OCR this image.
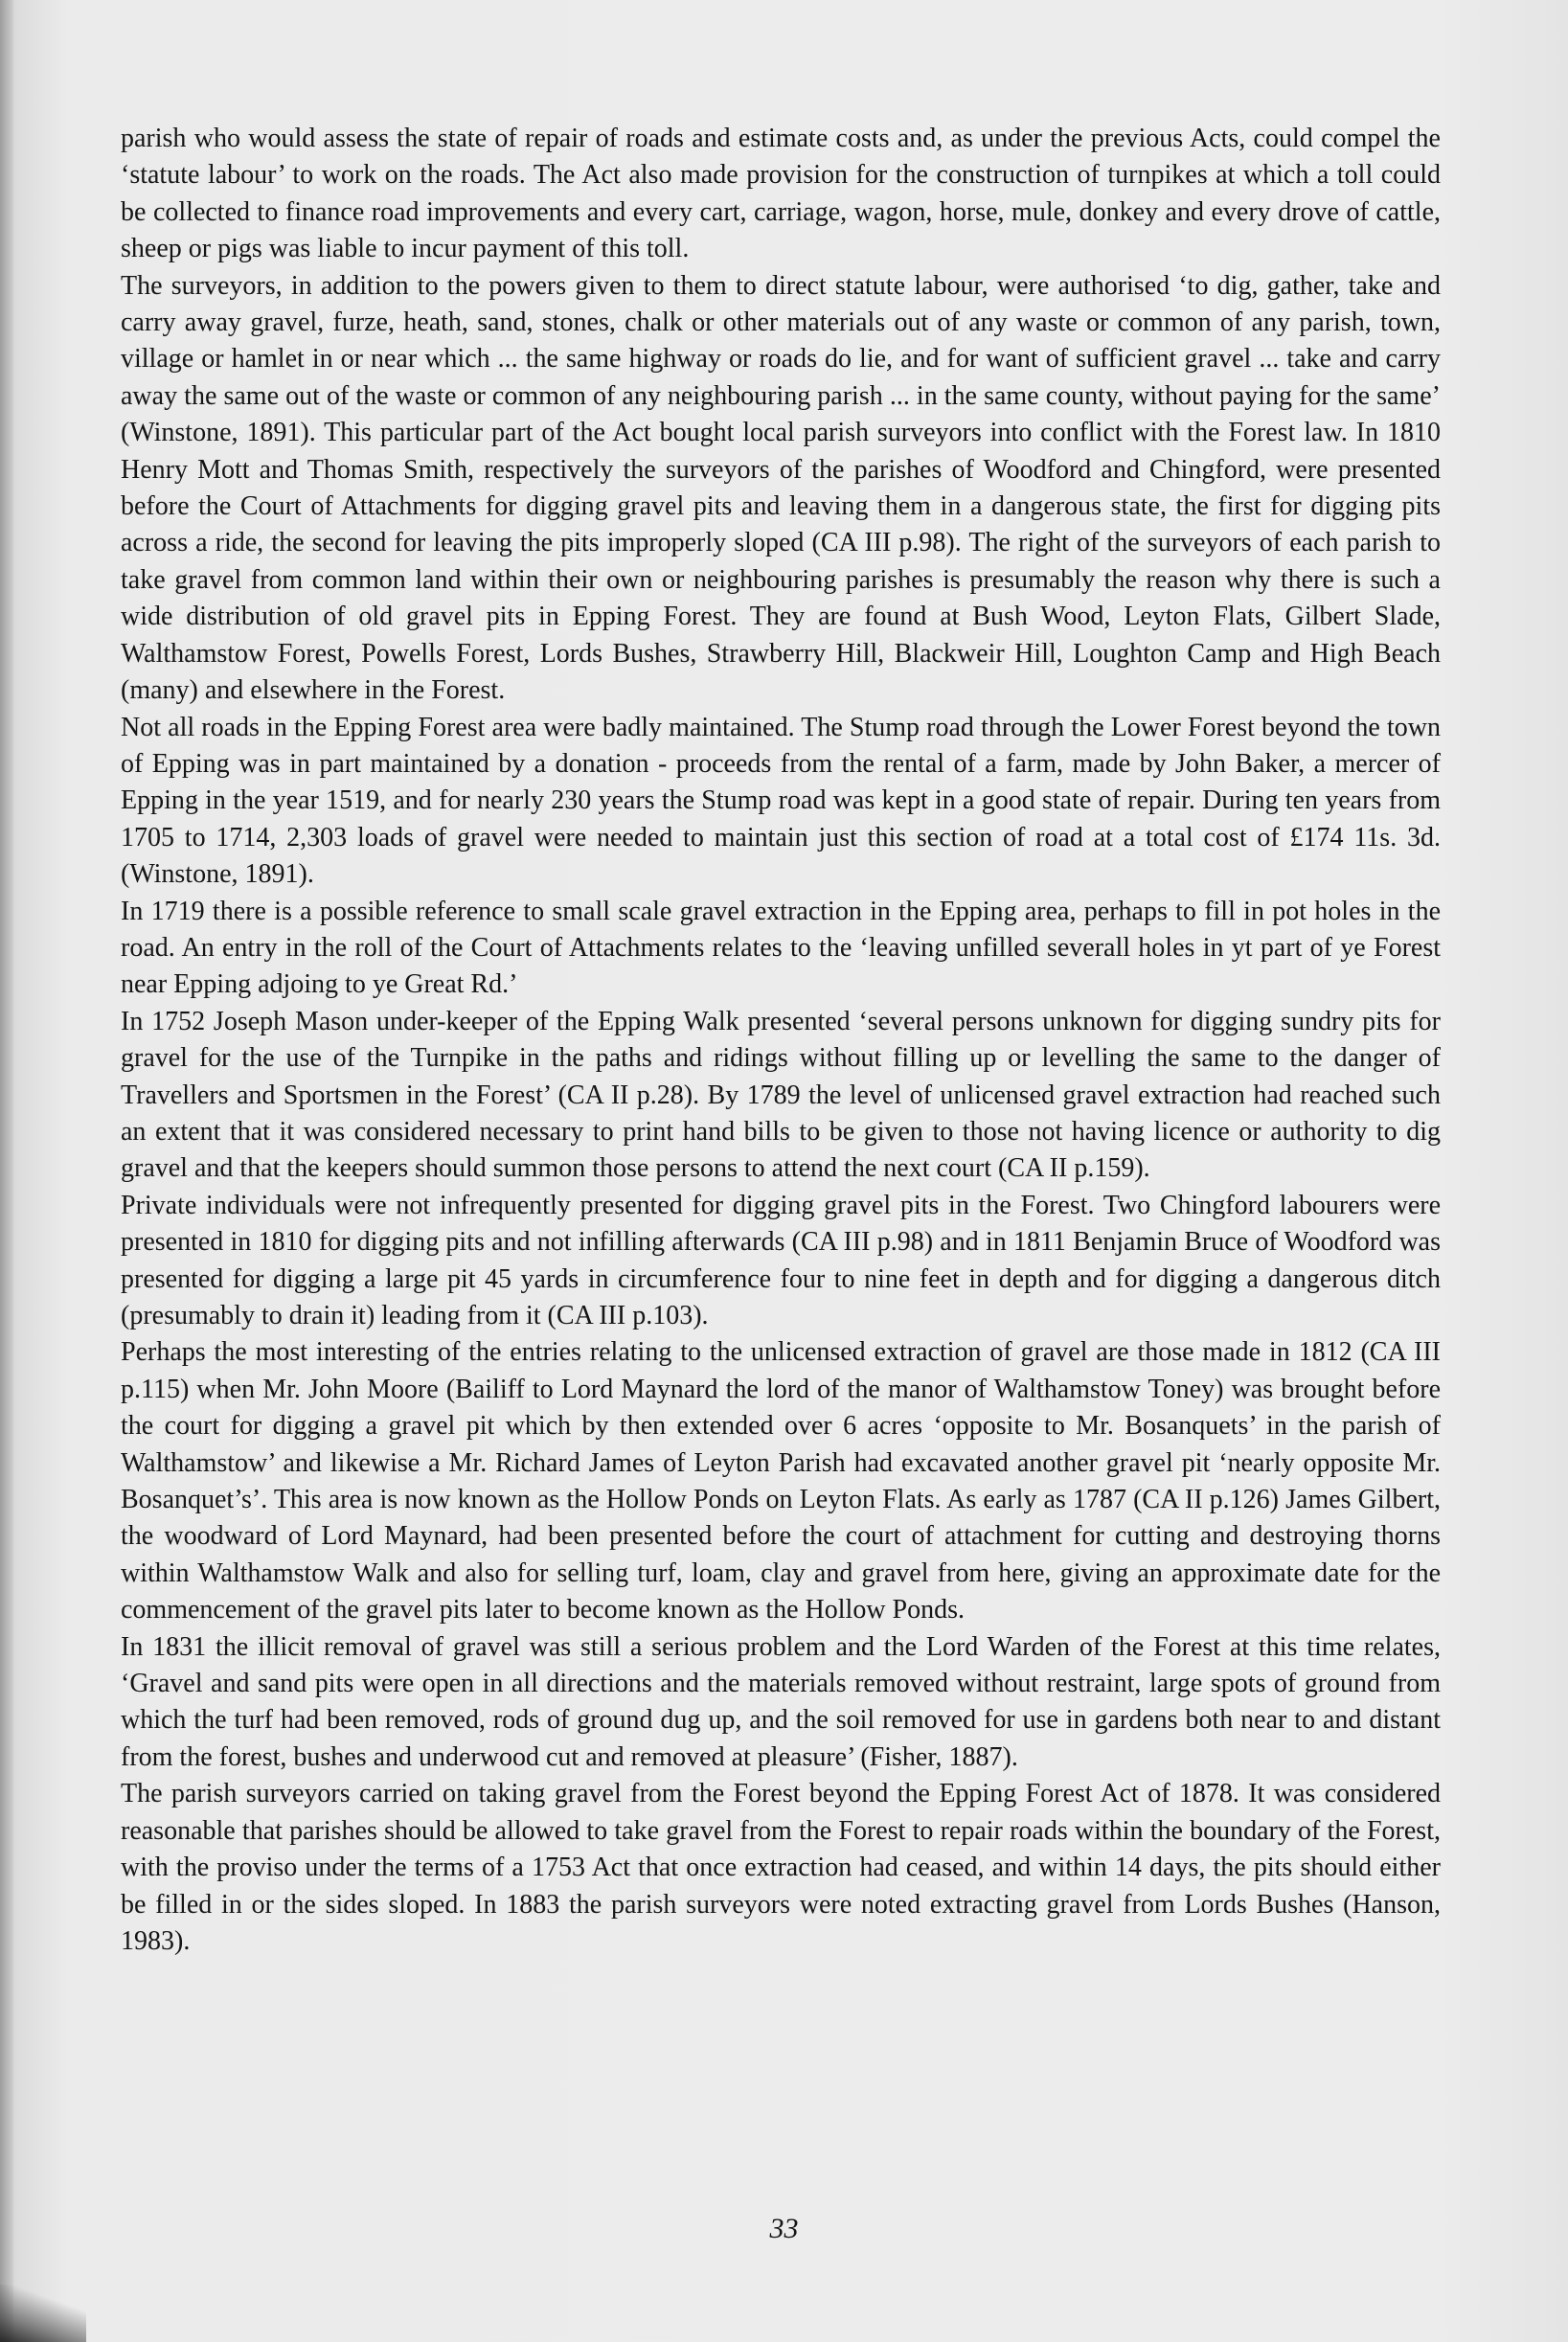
parish who would assess the state of repair of roads and estimate costs and, as under the previous Acts, could compel the ‘statute labour’ to work on the roads. The Act also made provision for the construction of turnpikes at which a toll could be collected to finance road improvements and every cart, carriage, wagon, horse, mule, donkey and every drove of cattle, sheep or pigs was liable to incur payment of this toll.

The surveyors, in addition to the powers given to them to direct statute labour, were authorised ‘to dig, gather, take and carry away gravel, furze, heath, sand, stones, chalk or other materials out of any waste or common of any parish, town, village or hamlet in or near which ... the same highway or roads do lie, and for want of sufficient gravel ... take and carry away the same out of the waste or common of any neighbouring parish ... in the same county, without paying for the same’ (Winstone, 1891). This particular part of the Act bought local parish surveyors into conflict with the Forest law. In 1810 Henry Mott and Thomas Smith, respectively the surveyors of the parishes of Woodford and Chingford, were presented before the Court of Attachments for digging gravel pits and leaving them in a dangerous state, the first for digging pits across a ride, the second for leaving the pits improperly sloped (CA III p.98). The right of the surveyors of each parish to take gravel from common land within their own or neighbouring parishes is presumably the reason why there is such a wide distribution of old gravel pits in Epping Forest. They are found at Bush Wood, Leyton Flats, Gilbert Slade, Walthamstow Forest, Powells Forest, Lords Bushes, Strawberry Hill, Blackweir Hill, Loughton Camp and High Beach (many) and elsewhere in the Forest.

Not all roads in the Epping Forest area were badly maintained. The Stump road through the Lower Forest beyond the town of Epping was in part maintained by a donation - proceeds from the rental of a farm, made by John Baker, a mercer of Epping in the year 1519, and for nearly 230 years the Stump road was kept in a good state of repair. During ten years from 1705 to 1714, 2,303 loads of gravel were needed to maintain just this section of road at a total cost of £174 11s. 3d. (Winstone, 1891).

In 1719 there is a possible reference to small scale gravel extraction in the Epping area, perhaps to fill in pot holes in the road. An entry in the roll of the Court of Attachments relates to the ‘leaving unfilled severall holes in yt part of ye Forest near Epping adjoing to ye Great Rd.’

In 1752 Joseph Mason under-keeper of the Epping Walk presented ‘several persons unknown for digging sundry pits for gravel for the use of the Turnpike in the paths and ridings without filling up or levelling the same to the danger of Travellers and Sportsmen in the Forest’ (CA II p.28). By 1789 the level of unlicensed gravel extraction had reached such an extent that it was considered necessary to print hand bills to be given to those not having licence or authority to dig gravel and that the keepers should summon those persons to attend the next court (CA II p.159).

Private individuals were not infrequently presented for digging gravel pits in the Forest. Two Chingford labourers were presented in 1810 for digging pits and not infilling afterwards (CA III p.98) and in 1811 Benjamin Bruce of Woodford was presented for digging a large pit 45 yards in circumference four to nine feet in depth and for digging a dangerous ditch (presumably to drain it) leading from it (CA III p.103).

Perhaps the most interesting of the entries relating to the unlicensed extraction of gravel are those made in 1812 (CA III p.115) when Mr. John Moore (Bailiff to Lord Maynard the lord of the manor of Walthamstow Toney) was brought before the court for digging a gravel pit which by then extended over 6 acres ‘opposite to Mr. Bosanquets’ in the parish of Walthamstow’ and likewise a Mr. Richard James of Leyton Parish had excavated another gravel pit ‘nearly opposite Mr. Bosanquet’s’. This area is now known as the Hollow Ponds on Leyton Flats. As early as 1787 (CA II p.126) James Gilbert, the woodward of Lord Maynard, had been presented before the court of attachment for cutting and destroying thorns within Walthamstow Walk and also for selling turf, loam, clay and gravel from here, giving an approximate date for the commencement of the gravel pits later to become known as the Hollow Ponds.

In 1831 the illicit removal of gravel was still a serious problem and the Lord Warden of the Forest at this time relates, ‘Gravel and sand pits were open in all directions and the materials removed without restraint, large spots of ground from which the turf had been removed, rods of ground dug up, and the soil removed for use in gardens both near to and distant from the forest, bushes and underwood cut and removed at pleasure’ (Fisher, 1887).

The parish surveyors carried on taking gravel from the Forest beyond the Epping Forest Act of 1878. It was considered reasonable that parishes should be allowed to take gravel from the Forest to repair roads within the boundary of the Forest, with the proviso under the terms of a 1753 Act that once extraction had ceased, and within 14 days, the pits should either be filled in or the sides sloped. In 1883 the parish surveyors were noted extracting gravel from Lords Bushes (Hanson, 1983).

33
